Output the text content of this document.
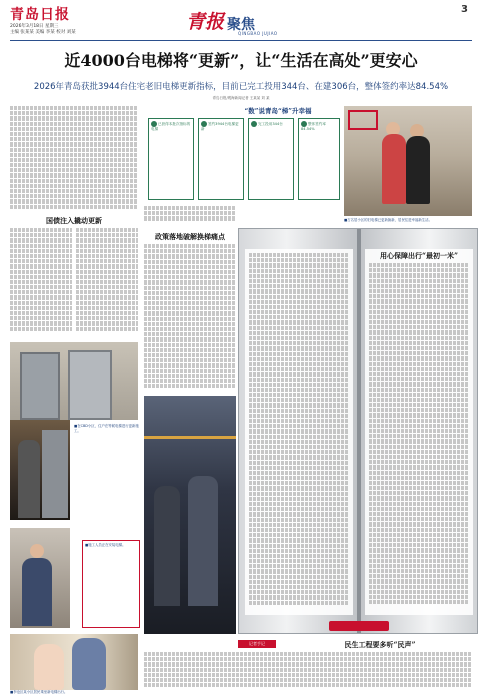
青岛日报
2026年3月18日 星期三
主编 张某某 美编 李某 校对 刘某	青报 聚焦
QINGBAO JUJIAO
3
近4000台电梯将“更新”，让“生活在高处”更安心
2026年青岛获批3944台住宅老旧电梯更新指标，目前已完工投用344台、在建306台，整体签约率达84.54%
青岛日报/观海新闻记者 王某某 刘 某
“数”说青岛“梯”升幸福
已获得本批次指标的电梯
签约3944台电梯更新
完工投用344台	整体签约率84.54%
■古名居小区的旧电梯已更新换新，居民住进幸福新生活。
国债注入撬动更新
政策落地破解换梯痛点
用心保障出行“最初一米”
■在CBD小区，住户在等候电梯进行更新施工。
■施工人员正在安装电梯。
■李沧区某小区居民乘坐新电梯出行。
记者手记	民生工程要多听“民声”
